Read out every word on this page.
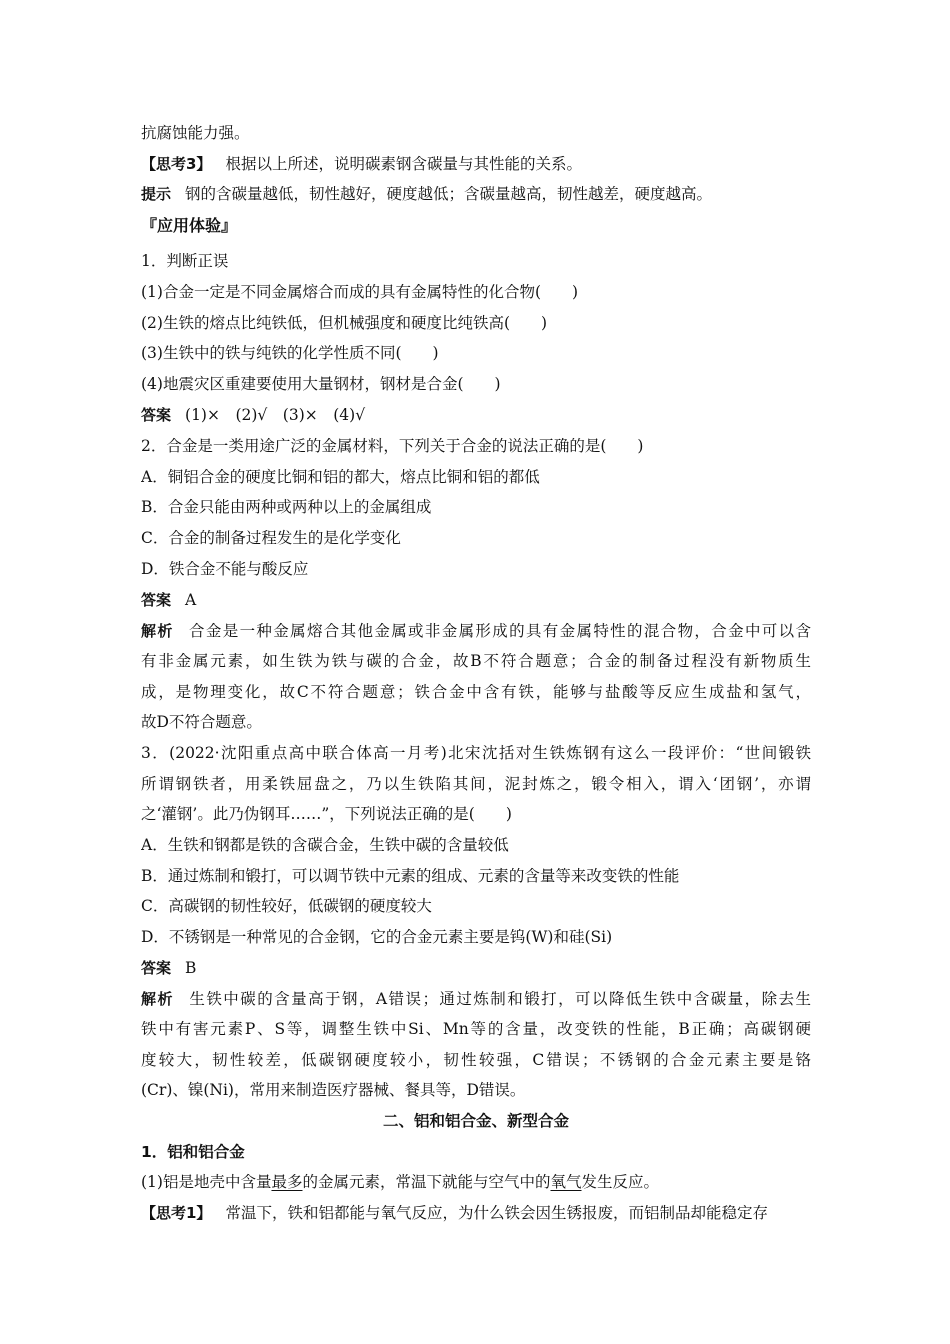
抗腐蚀能力强。
【思考3】 根据以上所述，说明碳素钢含碳量与其性能的关系。
提示 钢的含碳量越低，韧性越好，硬度越低；含碳量越高，韧性越差，硬度越高。
『应用体验』
1．判断正误
(1)合金一定是不同金属熔合而成的具有金属特性的化合物(　　)
(2)生铁的熔点比纯铁低，但机械强度和硬度比纯铁高(　　)
(3)生铁中的铁与纯铁的化学性质不同(　　)
(4)地震灾区重建要使用大量钢材，钢材是合金(　　)
答案 (1)×　(2)√　(3)×　(4)√
2．合金是一类用途广泛的金属材料，下列关于合金的说法正确的是(　　)
A．铜铝合金的硬度比铜和铝的都大，熔点比铜和铝的都低
B．合金只能由两种或两种以上的金属组成
C．合金的制备过程发生的是化学变化
D．铁合金不能与酸反应
答案 A
解析 合金是一种金属熔合其他金属或非金属形成的具有金属特性的混合物，合金中可以含
有非金属元素，如生铁为铁与碳的合金，故B不符合题意；合金的制备过程没有新物质生
成，是物理变化，故C不符合题意；铁合金中含有铁，能够与盐酸等反应生成盐和氢气，
故D不符合题意。
3．(2022·沈阳重点高中联合体高一月考)北宋沈括对生铁炼钢有这么一段评价：“世间锻铁
所谓钢铁者，用柔铁屈盘之，乃以生铁陷其间，泥封炼之，锻令相入，谓入‘团钢’，亦谓
之‘灌钢’。此乃伪钢耳……”，下列说法正确的是(　　)
A．生铁和钢都是铁的含碳合金，生铁中碳的含量较低
B．通过炼制和锻打，可以调节铁中元素的组成、元素的含量等来改变铁的性能
C．高碳钢的韧性较好，低碳钢的硬度较大
D．不锈钢是一种常见的合金钢，它的合金元素主要是钨(W)和硅(Si)
答案 B
解析 生铁中碳的含量高于钢，A错误；通过炼制和锻打，可以降低生铁中含碳量，除去生
铁中有害元素P、S等，调整生铁中Si、Mn等的含量，改变铁的性能，B正确；高碳钢硬
度较大，韧性较差，低碳钢硬度较小，韧性较强，C错误；不锈钢的合金元素主要是铬
(Cr)、镍(Ni)，常用来制造医疗器械、餐具等，D错误。
二、铝和铝合金、新型合金
1．铝和铝合金
(1)铝是地壳中含量最多的金属元素，常温下就能与空气中的氧气发生反应。
【思考1】 常温下，铁和铝都能与氧气反应，为什么铁会因生锈报废，而铝制品却能稳定存
